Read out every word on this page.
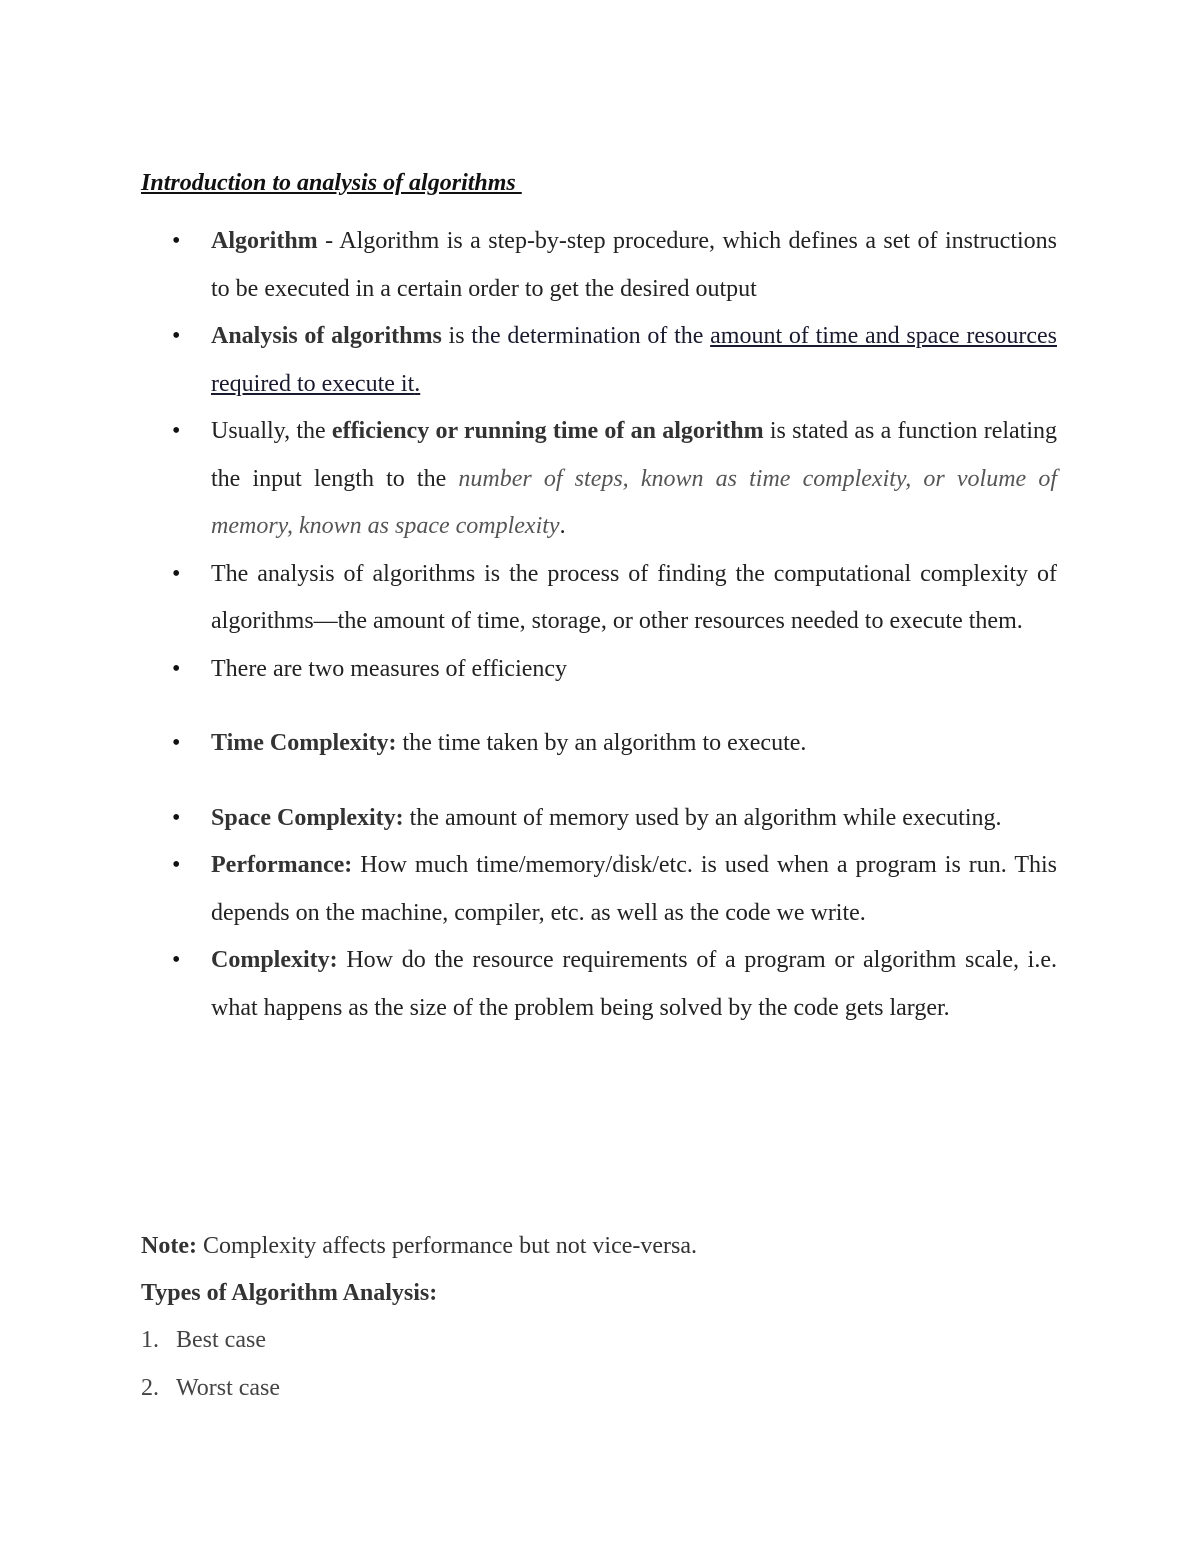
Introduction to analysis of algorithms
• Algorithm - Algorithm is a step-by-step procedure, which defines a set of instructions to be executed in a certain order to get the desired output
• Analysis of algorithms is the determination of the amount of time and space resources required to execute it.
• Usually, the efficiency or running time of an algorithm is stated as a function relating the input length to the number of steps, known as time complexity, or volume of memory, known as space complexity.
• The analysis of algorithms is the process of finding the computational complexity of algorithms—the amount of time, storage, or other resources needed to execute them.
• There are two measures of efficiency
• Time Complexity: the time taken by an algorithm to execute.
• Space Complexity: the amount of memory used by an algorithm while executing.
• Performance: How much time/memory/disk/etc. is used when a program is run. This depends on the machine, compiler, etc. as well as the code we write.
• Complexity: How do the resource requirements of a program or algorithm scale, i.e. what happens as the size of the problem being solved by the code gets larger.
Note: Complexity affects performance but not vice-versa.
Types of Algorithm Analysis:
1. Best case
2. Worst case
